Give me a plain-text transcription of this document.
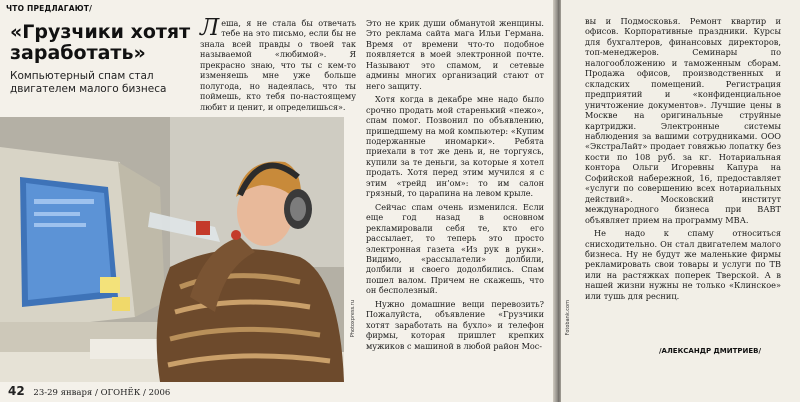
ЧТО ПРЕДЛАГАЮТ/
«Грузчики хотят заработать»

Компьютерный спам стал двигателем малого бизнеса

Photoxpress.ru

Леша, я не стала бы отвечать тебе на это письмо, если бы не знала всей правды о твоей так называемой «любимой». Я прекрасно знаю, что ты с кем-то изменяешь мне уже больше полугода, но надеялась, что ты поймешь, кто тебя по-настоящему любит и ценит, и определишься».

Это не крик души обманутой женщины. Это реклама сайта мага Ильи Германа. Время от времени что-то подобное появляется в моей электронной почте. Называют это спамом, и сетевые админы многих организаций стают от него защиту.

Хотя когда в декабре мне надо было срочно продать мой старенький «пежо», спам помог. Позвонил по объявлению, пришедшему на мой компьютер: «Купим подержанные иномарки». Ребята приехали в тот же день и, не торгуясь, купили за те деньги, за которые я хотел продать. Хотя перед этим мучился я с этим «трейд ин’ом»: то им салон грязный, то царапина на левом крыле.

Сейчас спам очень изменился. Если еще год назад в основном рекламировали себя те, кто его рассылает, то теперь это просто электронная газета «Из рук в руки». Видимо, «рассылатели» долбили, долбили и своего додолбились. Спам пошел валом. Причем не скажешь, что он бесполезный.

Нужно домашние вещи перевозить? Пожалуйста, объявление «Грузчики хотят заработать на бухло» и телефон фирмы, которая пришлет крепких мужиков с машиной в любой район Мос-

42 23-29 января / ОГОНЁК / 2006
Fotobank.com

вы и Подмосковья. Ремонт квартир и офисов. Корпоративные праздники. Курсы для бухгалтеров, финансовых директоров, топ-менеджеров. Семинары по налогообложению и таможенным сборам. Продажа офисов, производственных и складских помещений. Регистрация предприятий и «конфиденциальное уничтожение документов». Лучшие цены в Москве на оригинальные струйные картриджи. Электронные системы наблюдения за вашими сотрудниками. ООО «ЭкстраЛайт» продает говяжью лопатку без кости по 108 руб. за кг. Нотариальная контора Ольги Игоревны Капура на Софийской набережной, 16, предоставляет «услуги по совершению всех нотариальных действий». Московский институт международного бизнеса при ВАВТ объявляет прием на программу МВА.

Не надо к спаму относиться снисходительно. Он стал двигателем малого бизнеса. Ну не будут же маленькие фирмы рекламировать свои товары и услуги по ТВ или на растяжках поперек Тверской. А в нашей жизни нужны не только «Клинское» или тушь для ресниц.

/АЛЕКСАНДР ДМИТРИЕВ/
